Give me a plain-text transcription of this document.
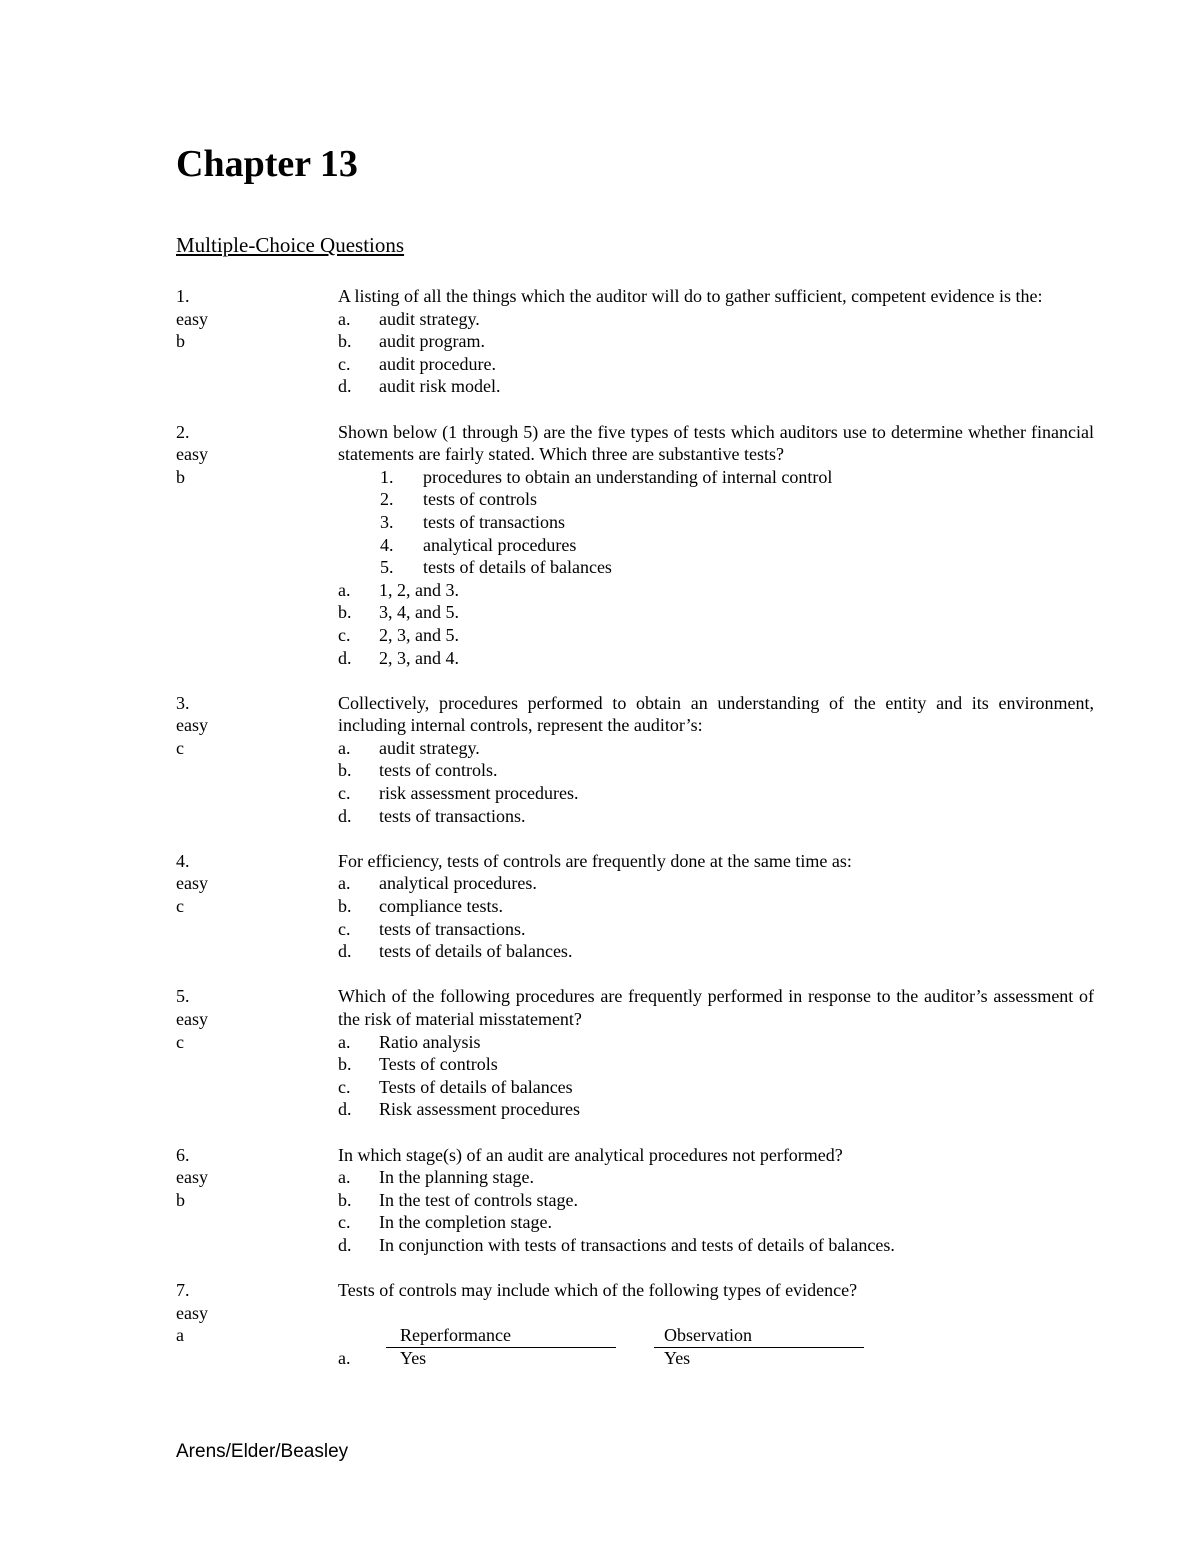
Chapter 13
Multiple-Choice Questions
1.
easy
b
A listing of all the things which the auditor will do to gather sufficient, competent evidence is the:
a. audit strategy.
b. audit program.
c. audit procedure.
d. audit risk model.
2.
easy
b
Shown below (1 through 5) are the five types of tests which auditors use to determine whether financial statements are fairly stated. Which three are substantive tests?
1. procedures to obtain an understanding of internal control
2. tests of controls
3. tests of transactions
4. analytical procedures
5. tests of details of balances
a. 1, 2, and 3.
b. 3, 4, and 5.
c. 2, 3, and 5.
d. 2, 3, and 4.
3.
easy
c
Collectively, procedures performed to obtain an understanding of the entity and its environment, including internal controls, represent the auditor’s:
a. audit strategy.
b. tests of controls.
c. risk assessment procedures.
d. tests of transactions.
4.
easy
c
For efficiency, tests of controls are frequently done at the same time as:
a. analytical procedures.
b. compliance tests.
c. tests of transactions.
d. tests of details of balances.
5.
easy
c
Which of the following procedures are frequently performed in response to the auditor’s assessment of the risk of material misstatement?
a. Ratio analysis
b. Tests of controls
c. Tests of details of balances
d. Risk assessment procedures
6.
easy
b
In which stage(s) of an audit are analytical procedures not performed?
a. In the planning stage.
b. In the test of controls stage.
c. In the completion stage.
d. In conjunction with tests of transactions and tests of details of balances.
7.
easy
a
Tests of controls may include which of the following types of evidence?
Reperformance	Observation
a.	Yes	Yes
Arens/Elder/Beasley
